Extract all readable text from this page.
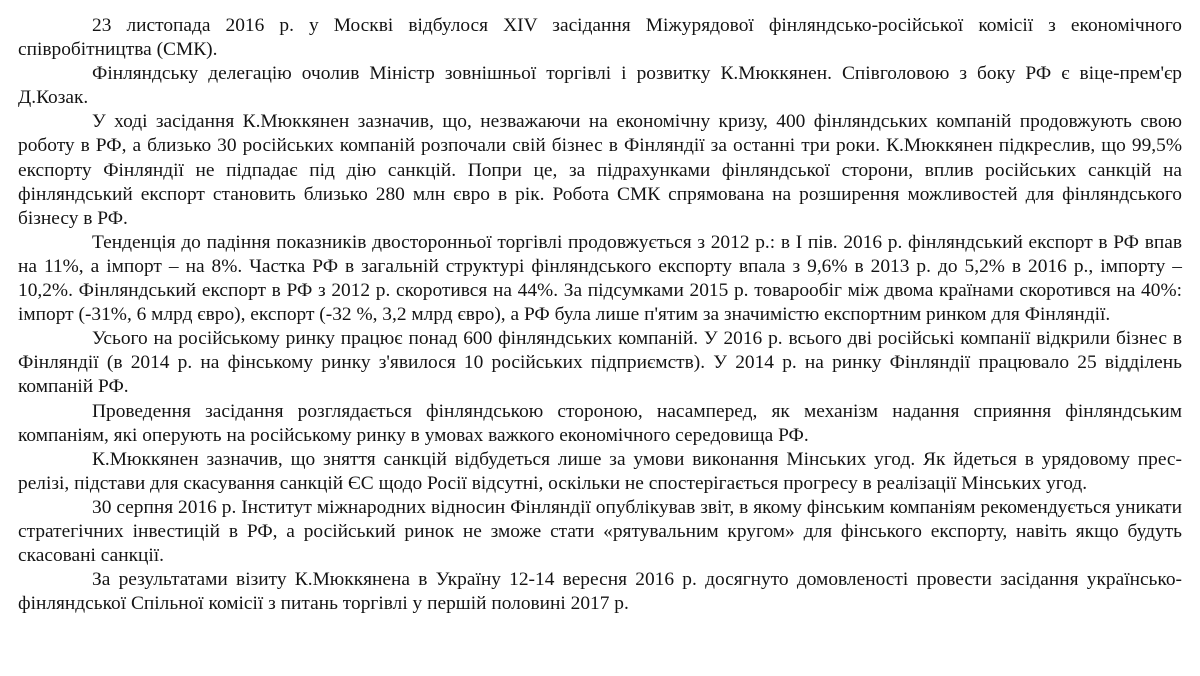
23 листопада 2016 р. у Москві відбулося XIV засідання Міжурядової фінляндсько-російської комісії з економічного співробітництва (СМК).

Фінляндську делегацію очолив Міністр зовнішньої торгівлі і розвитку К.Мюккянен. Співголовою з боку РФ є віце-прем'єр Д.Козак.

У ході засідання К.Мюккянен зазначив, що, незважаючи на економічну кризу, 400 фінляндських компаній продовжують свою роботу в РФ, а близько 30 російських компаній розпочали свій бізнес в Фінляндії за останні три роки. К.Мюккянен підкреслив, що 99,5% експорту Фінляндії не підпадає під дію санкцій. Попри це, за підрахунками фінляндської сторони, вплив російських санкцій на фінляндський експорт становить близько 280 млн євро в рік. Робота СМК спрямована на розширення можливостей для фінляндського бізнесу в РФ.

Тенденція до падіння показників двосторонньої торгівлі продовжується з 2012 р.: в І пів. 2016 р. фінляндський експорт в РФ впав на 11%, а імпорт – на 8%. Частка РФ в загальній структурі фінляндського експорту впала з 9,6% в 2013 р. до 5,2% в 2016 р., імпорту – 10,2%. Фінляндський експорт в РФ з 2012 р. скоротився на 44%. За підсумками 2015 р. товарообіг між двома країнами скоротився на 40%: імпорт (-31%, 6 млрд євро), експорт (-32 %, 3,2 млрд євро), а РФ була лише п'ятим за значимістю експортним ринком для Фінляндії.

Усього на російському ринку працює понад 600 фінляндських компаній. У 2016 р. всього дві російські компанії відкрили бізнес в Фінляндії (в 2014 р. на фінському ринку з'явилося 10 російських підприємств). У 2014 р. на ринку Фінляндії працювало 25 відділень компаній РФ.

Проведення засідання розглядається фінляндською стороною, насамперед, як механізм надання сприяння фінляндським компаніям, які оперують на російському ринку в умовах важкого економічного середовища РФ.

К.Мюккянен зазначив, що зняття санкцій відбудеться лише за умови виконання Мінських угод. Як йдеться в урядовому прес-релізі, підстави для скасування санкцій ЄС щодо Росії відсутні, оскільки не спостерігається прогресу в реалізації Мінських угод.

30 серпня 2016 р. Інститут міжнародних відносин Фінляндії опублікував звіт, в якому фінським компаніям рекомендується уникати стратегічних інвестицій в РФ, а російський ринок не зможе стати «рятувальним кругом» для фінського експорту, навіть якщо будуть скасовані санкції.

За результатами візиту К.Мюккянена в Україну 12-14 вересня 2016 р. досягнуто домовленості провести засідання українсько-фінляндської Спільної комісії з питань торгівлі у першій половині 2017 р.
